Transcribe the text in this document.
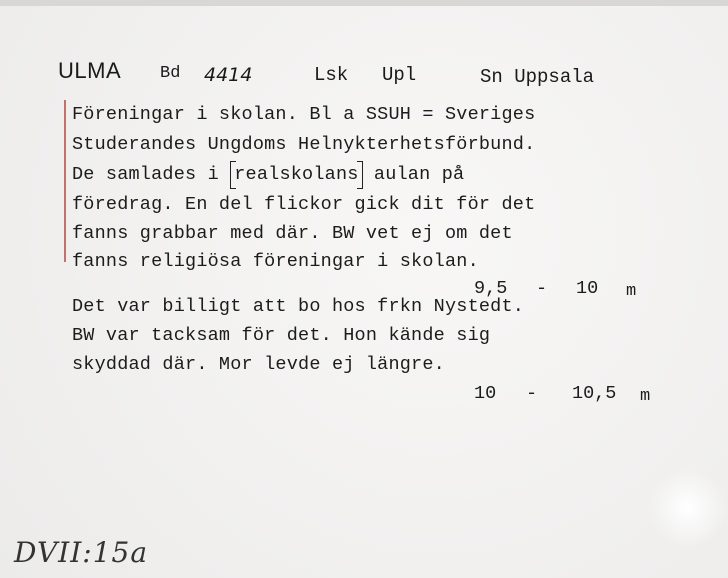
ULMA Bd 4414	Lsk Upl	Sn Uppsala
Föreningar i skolan. Bl a SSUH = Sveriges
Studerandes Ungdoms Helnykterhetsförbund.
De samlades i realskolans aulan på
föredrag. En del flickor gick dit för det
fanns grabbar med där. BW vet ej om det
fanns religiösa föreningar i skolan.
9,5 - 10 m
Det var billigt att bo hos frkn Nystedt.
BW var tacksam för det. Hon kände sig
skyddad där. Mor levde ej längre.
10 - 10,5 m
DVII:15a
